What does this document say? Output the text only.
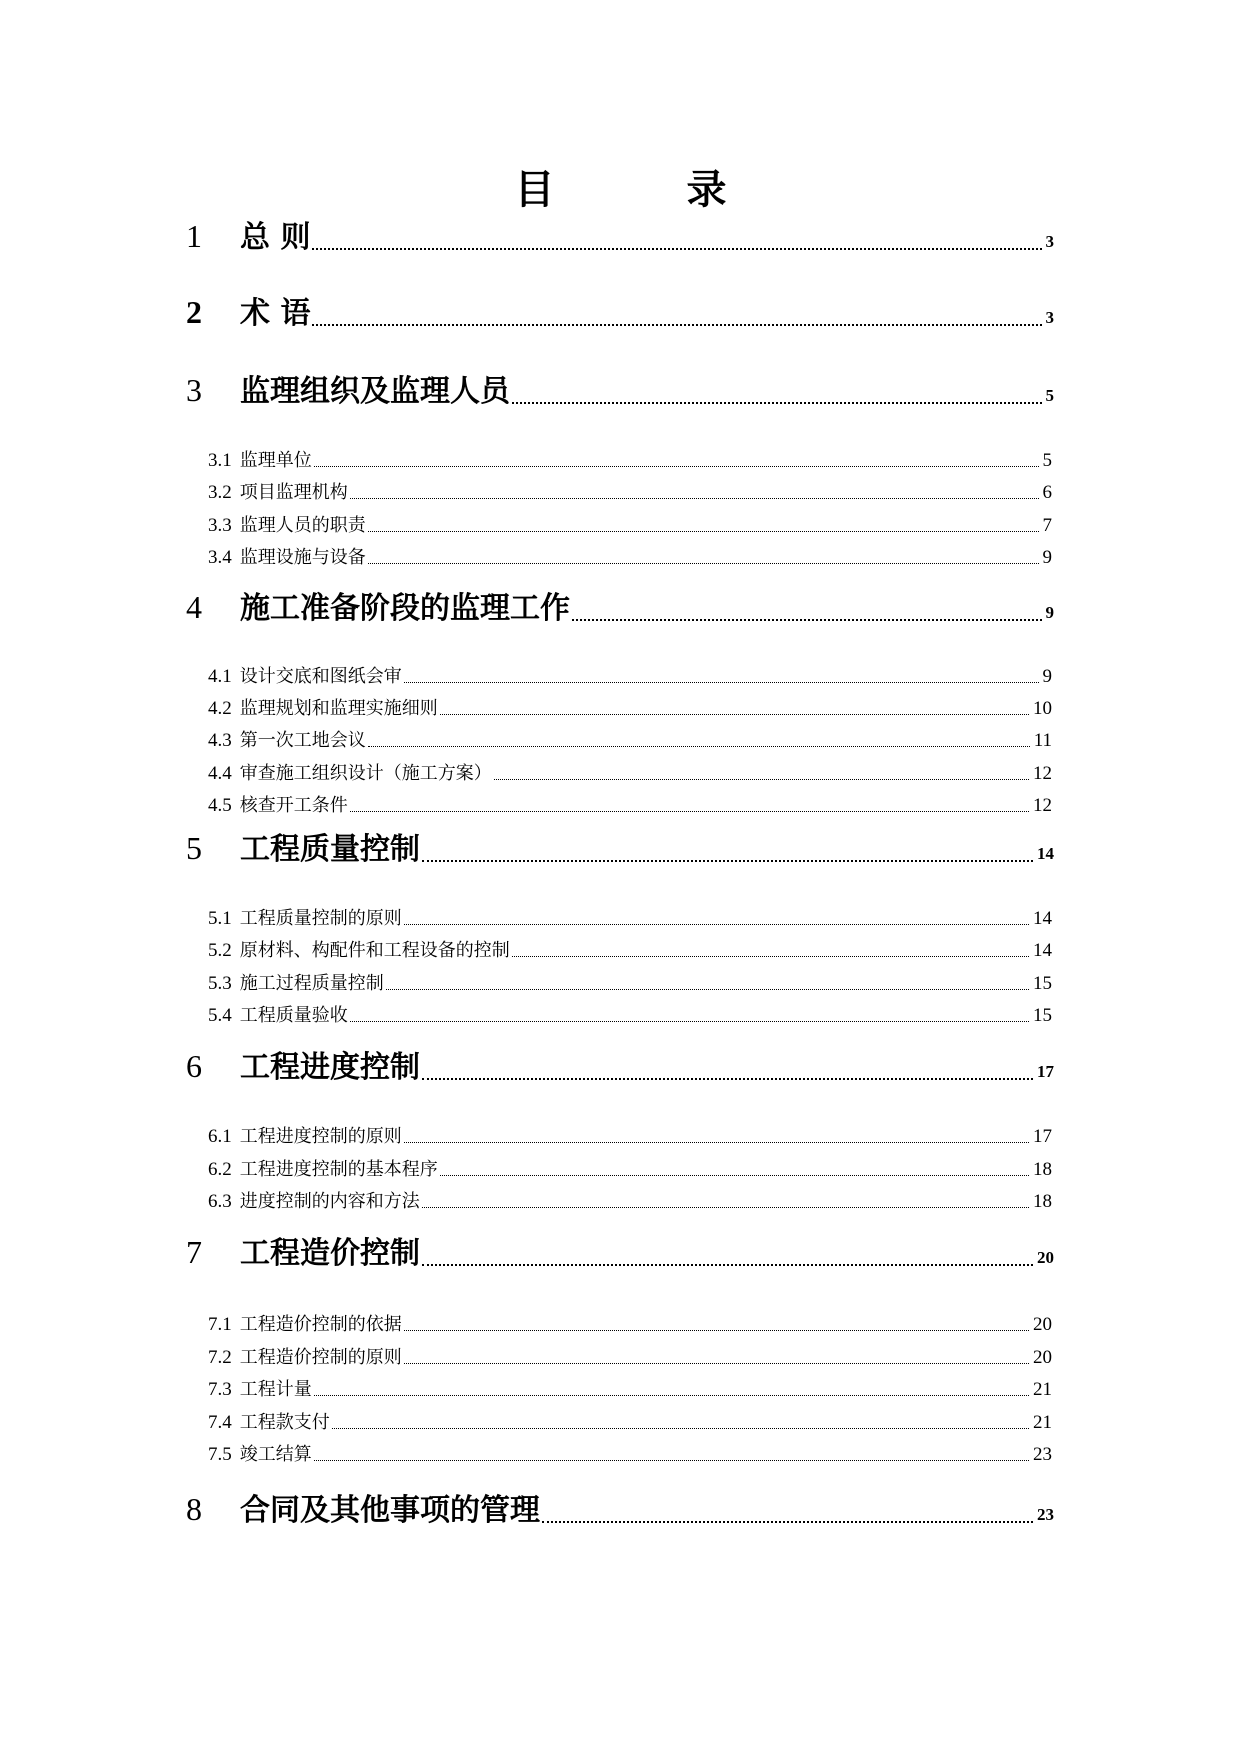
目　录
1	总 则	3
2	术 语	3
3	监理组织及监理人员	5
3.1 监理单位	5
3.2 项目监理机构	6
3.3 监理人员的职责	7
3.4 监理设施与设备	9
4	施工准备阶段的监理工作	9
4.1 设计交底和图纸会审	9
4.2 监理规划和监理实施细则	10
4.3 第一次工地会议	11
4.4 审查施工组织设计（施工方案）	12
4.5 核查开工条件	12
5	工程质量控制	14
5.1 工程质量控制的原则	14
5.2 原材料、构配件和工程设备的控制	14
5.3 施工过程质量控制	15
5.4 工程质量验收	15
6	工程进度控制	17
6.1 工程进度控制的原则	17
6.2 工程进度控制的基本程序	18
6.3 进度控制的内容和方法	18
7	工程造价控制	20
7.1 工程造价控制的依据	20
7.2 工程造价控制的原则	20
7.3 工程计量	21
7.4 工程款支付	21
7.5 竣工结算	23
8	合同及其他事项的管理	23
